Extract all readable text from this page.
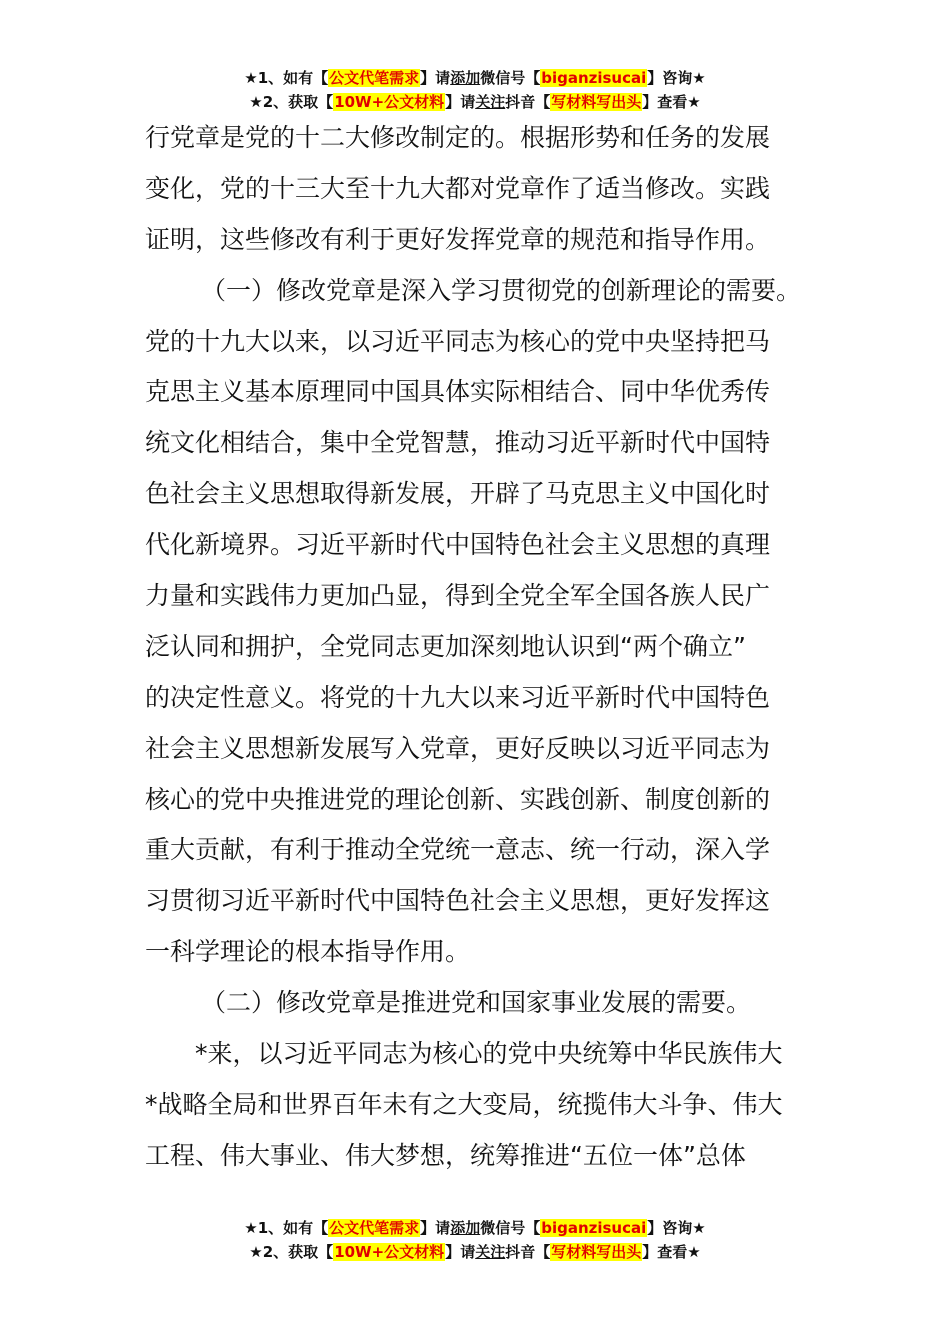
★1、如有【公文代笔需求】请添加微信号【biganzisucai】咨询★
★2、获取【10W+公文材料】请关注抖音【写材料写出头】查看★
行党章是党的十二大修改制定的。根据形势和任务的发展
变化，党的十三大至十九大都对党章作了适当修改。实践
证明，这些修改有利于更好发挥党章的规范和指导作用。
（一）修改党章是深入学习贯彻党的创新理论的需要。
党的十九大以来，以习近平同志为核心的党中央坚持把马
克思主义基本原理同中国具体实际相结合、同中华优秀传
统文化相结合，集中全党智慧，推动习近平新时代中国特
色社会主义思想取得新发展，开辟了马克思主义中国化时
代化新境界。习近平新时代中国特色社会主义思想的真理
力量和实践伟力更加凸显，得到全党全军全国各族人民广
泛认同和拥护，全党同志更加深刻地认识到“两个确立”
的决定性意义。将党的十九大以来习近平新时代中国特色
社会主义思想新发展写入党章，更好反映以习近平同志为
核心的党中央推进党的理论创新、实践创新、制度创新的
重大贡献，有利于推动全党统一意志、统一行动，深入学
习贯彻习近平新时代中国特色社会主义思想，更好发挥这
一科学理论的根本指导作用。
（二）修改党章是推进党和国家事业发展的需要。
*来，以习近平同志为核心的党中央统筹中华民族伟大
*战略全局和世界百年未有之大变局，统揽伟大斗争、伟大
工程、伟大事业、伟大梦想，统筹推进“五位一体”总体
★1、如有【公文代笔需求】请添加微信号【biganzisucai】咨询★
★2、获取【10W+公文材料】请关注抖音【写材料写出头】查看★
